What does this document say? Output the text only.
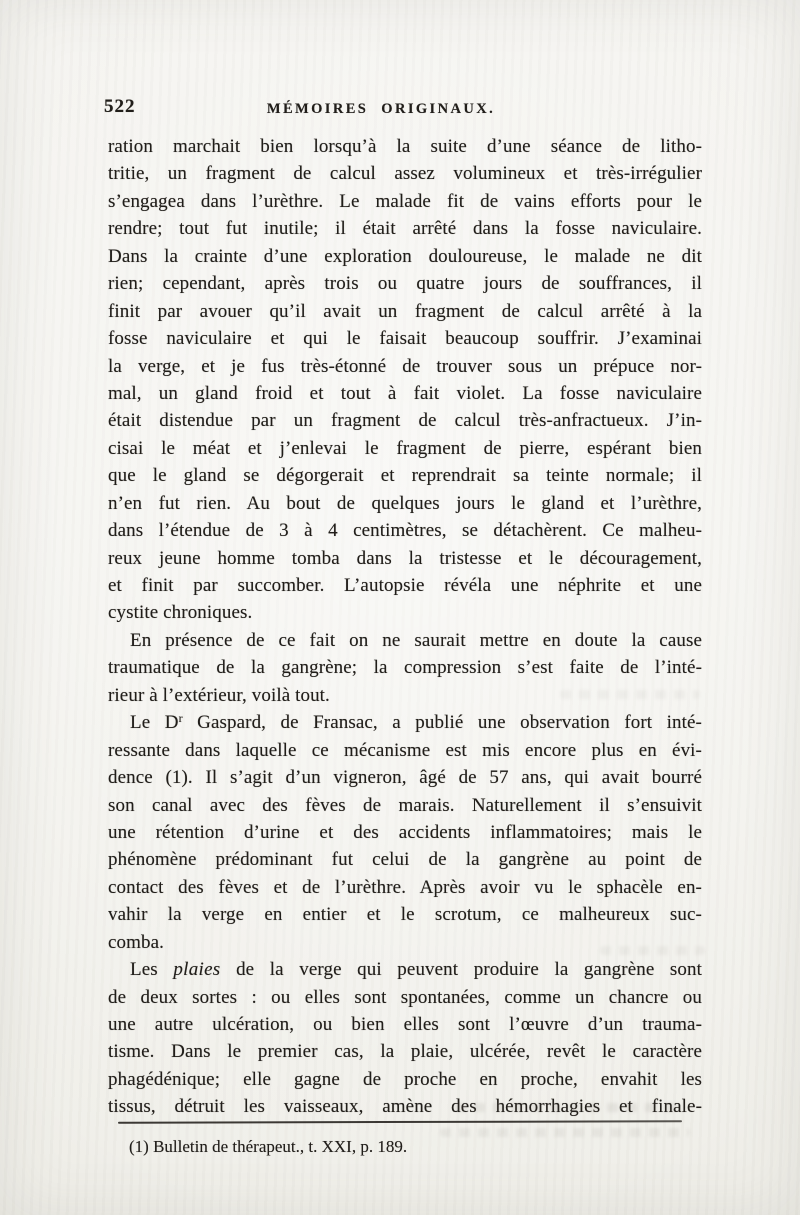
522	MÉMOIRES ORIGINAUX.
ration marchait bien lorsqu’à la suite d’une séance de litho-
tritie, un fragment de calcul assez volumineux et très-irrégulier
s’engagea dans l’urèthre. Le malade fit de vains efforts pour le
rendre; tout fut inutile; il était arrêté dans la fosse naviculaire.
Dans la crainte d’une exploration douloureuse, le malade ne dit
rien; cependant, après trois ou quatre jours de souffrances, il
finit par avouer qu’il avait un fragment de calcul arrêté à la
fosse naviculaire et qui le faisait beaucoup souffrir. J’examinai
la verge, et je fus très-étonné de trouver sous un prépuce nor-
mal, un gland froid et tout à fait violet. La fosse naviculaire
était distendue par un fragment de calcul très-anfractueux. J’in-
cisai le méat et j’enlevai le fragment de pierre, espérant bien
que le gland se dégorgerait et reprendrait sa teinte normale; il
n’en fut rien. Au bout de quelques jours le gland et l’urèthre,
dans l’étendue de 3 à 4 centimètres, se détachèrent. Ce malheu-
reux jeune homme tomba dans la tristesse et le découragement,
et finit par succomber. L’autopsie révéla une néphrite et une
cystite chroniques.
En présence de ce fait on ne saurait mettre en doute la cause
traumatique de la gangrène; la compression s’est faite de l’inté-
rieur à l’extérieur, voilà tout.
Le $D^r$ Gaspard, de Fransac, a publié une observation fort inté-
ressante dans laquelle ce mécanisme est mis encore plus en évi-
dence (1). Il s’agit d’un vigneron, âgé de 57 ans, qui avait bourré
son canal avec des fèves de marais. Naturellement il s’ensuivit
une rétention d’urine et des accidents inflammatoires; mais le
phénomène prédominant fut celui de la gangrène au point de
contact des fèves et de l’urèthre. Après avoir vu le sphacèle en-
vahir la verge en entier et le scrotum, ce malheureux suc-
comba.
Les plaies de la verge qui peuvent produire la gangrène sont
de deux sortes : ou elles sont spontanées, comme un chancre ou
une autre ulcération, ou bien elles sont l’œuvre d’un trauma-
tisme. Dans le premier cas, la plaie, ulcérée, revêt le caractère
phagédénique; elle gagne de proche en proche, envahit les
tissus, détruit les vaisseaux, amène des hémorrhagies et finale-
(1) Bulletin de thérapeut., t. XXI, p. 189.
